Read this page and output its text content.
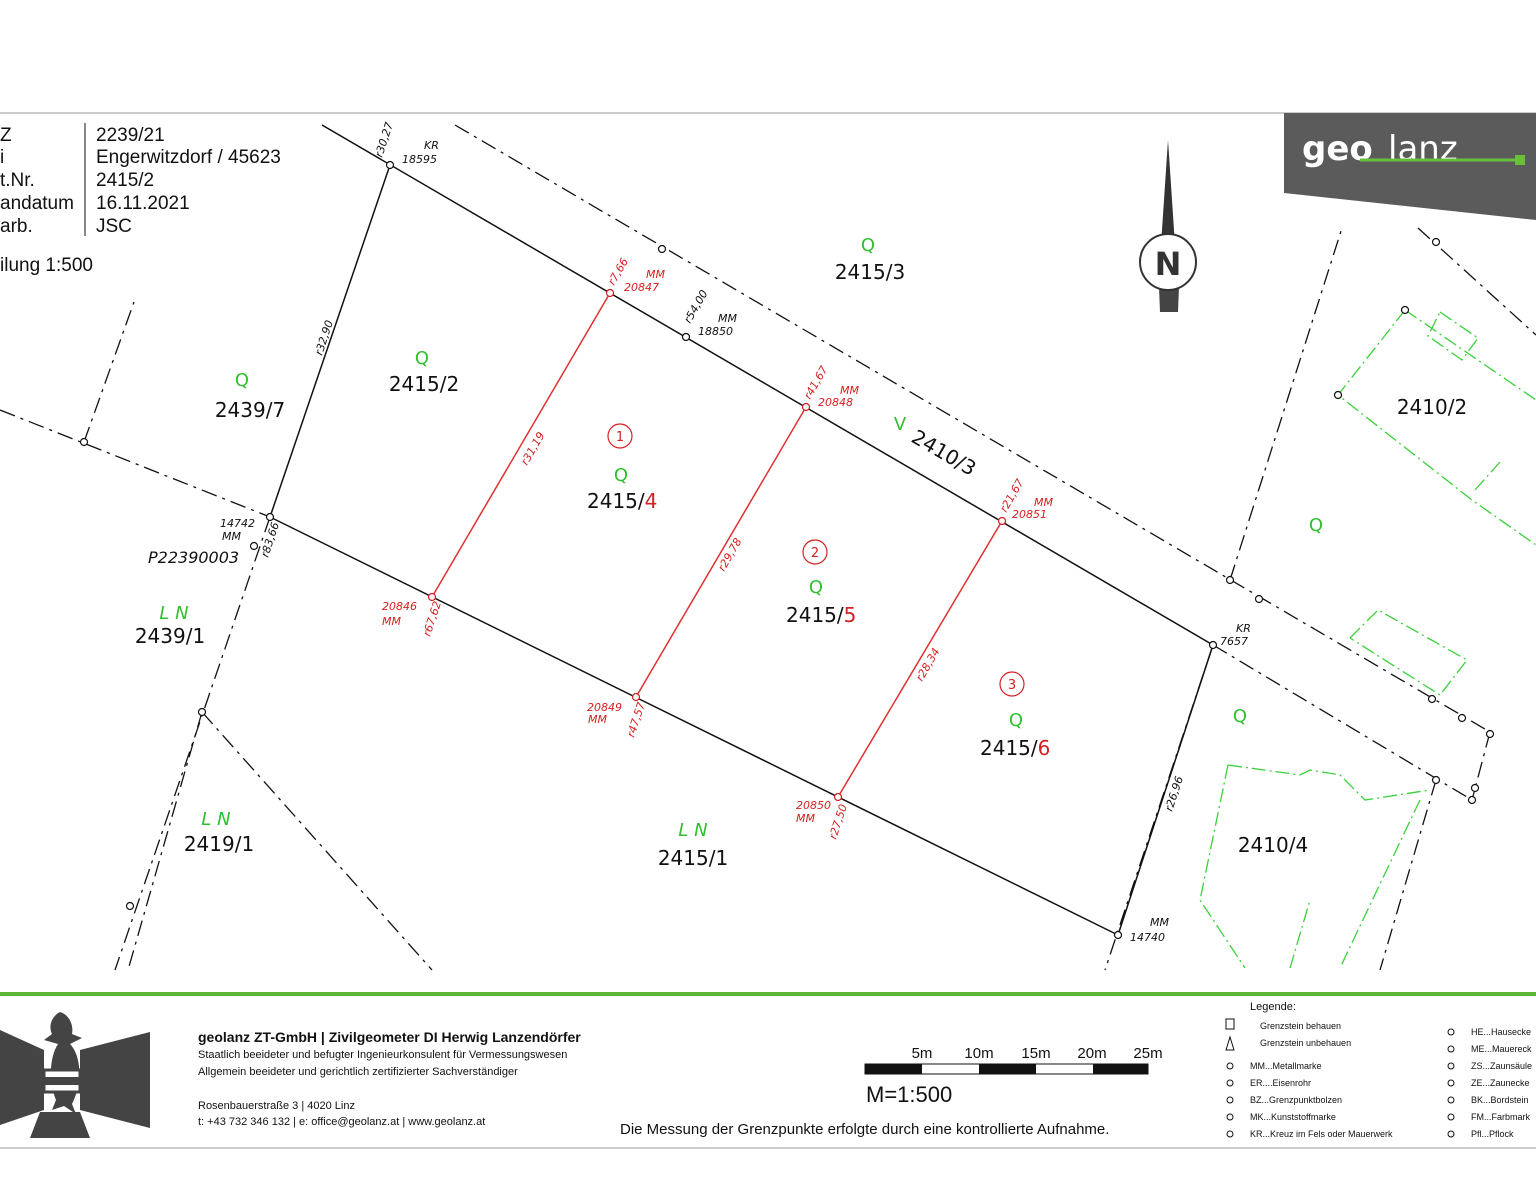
Z
i
t.Nr.
andatum
arb.
2239/21
Engerwitzdorf / 45623
2415/2
16.11.2021
JSC
ilung 1:500
geo lanz
N
1
2
3
Q
Q
Q
Q
Q
Q
Q
Q
V
L N
L N
L N
2415/3
2415/2
2439/7	2410/2
2439/1
2419/1
2415/1
2410/4
2410/3
2415/4
2415/5
2415/6
KR
18595
MM
20847
MM
18850
MM
20848
MM
20851
KR
7657
14742
MM
P22390003
20846
MM
20849
MM
20850
MM
MM
14740
r30,27
r32,90
r7,66
r54,00
r41,67
r21,67
r31,19
r29,78
r28,34
r83,66
r67,62
r47,57
r27,50
r26,96
geolanz ZT-GmbH | Zivilgeometer DI Herwig Lanzendörfer
Staatlich beeideter und befugter Ingenieurkonsulent für Vermessungswesen
Allgemein beeideter und gerichtlich zertifizierter Sachverständiger
Rosenbauerstraße 3 | 4020 Linz
t: +43 732 346 132 | e: office@geolanz.at | www.geolanz.at
5m 10m 15m 20m 25m
M=1:500
Die Messung der Grenzpunkte erfolgte durch eine kontrollierte Aufnahme.
Legende:
Grenzstein behauen
Grenzstein unbehauen
MM...Metallmarke
ER....Eisenrohr
BZ...Grenzpunktbolzen
MK...Kunststoffmarke
KR...Kreuz im Fels oder Mauerwerk
HE...Hausecke
ME...Mauereck
ZS...Zaunsäule
ZE...Zaunecke
BK...Bordstein
FM...Farbmark
Pfl...Pflock
